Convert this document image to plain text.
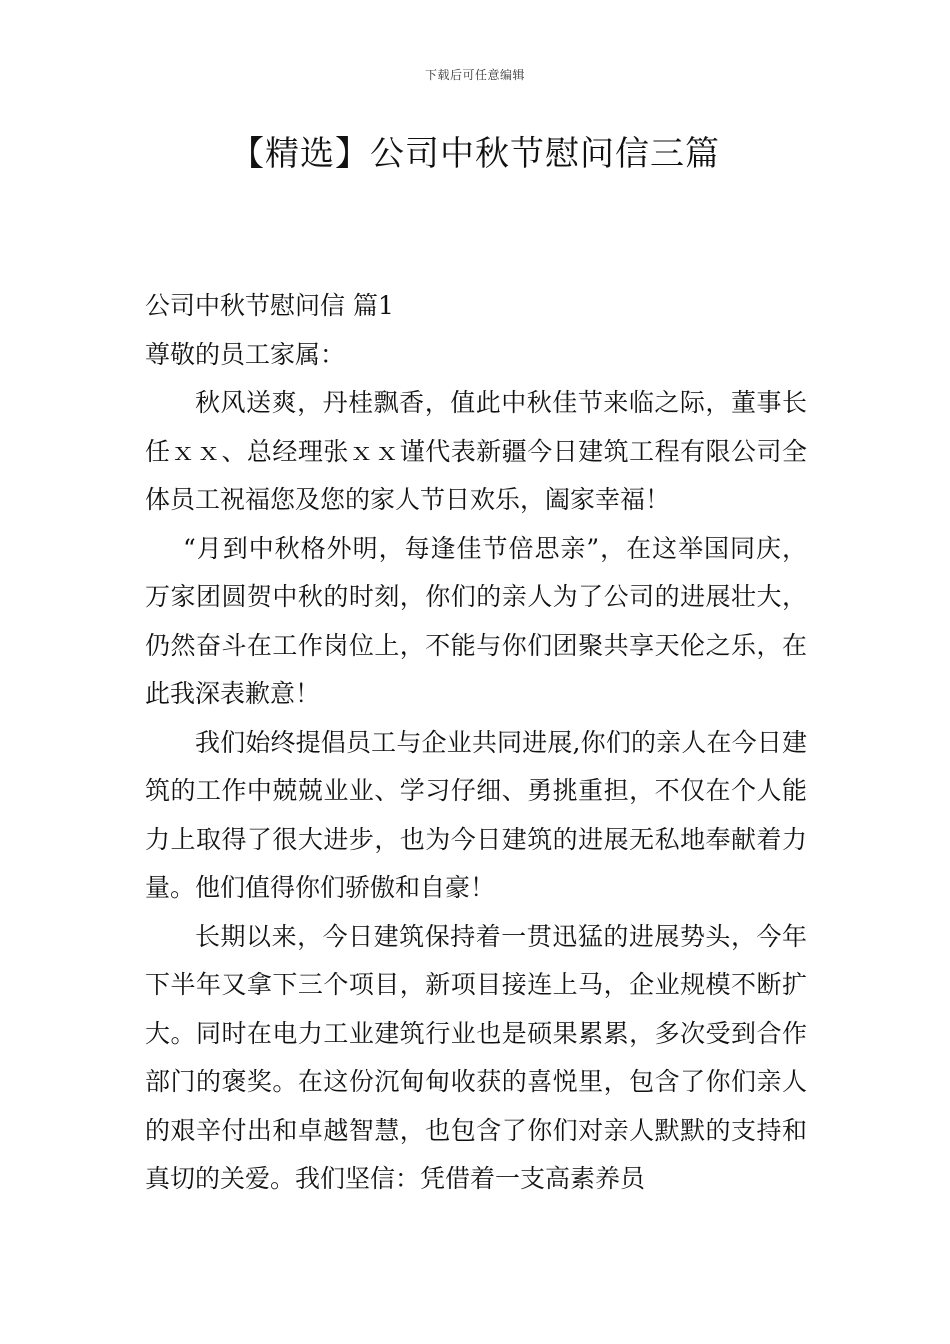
下载后可任意编辑
【精选】公司中秋节慰问信三篇

公司中秋节慰问信 篇1

尊敬的员工家属：

秋风送爽，丹桂飘香，值此中秋佳节来临之际，董事长任ｘｘ、总经理张ｘｘ谨代表新疆今日建筑工程有限公司全体员工祝福您及您的家人节日欢乐，阖家幸福！

“月到中秋格外明，每逢佳节倍思亲”，在这举国同庆，万家团圆贺中秋的时刻，你们的亲人为了公司的进展壮大，仍然奋斗在工作岗位上，不能与你们团聚共享天伦之乐，在此我深表歉意！

我们始终提倡员工与企业共同进展,你们的亲人在今日建筑的工作中兢兢业业、学习仔细、勇挑重担，不仅在个人能力上取得了很大进步，也为今日建筑的进展无私地奉献着力量。他们值得你们骄傲和自豪！

长期以来，今日建筑保持着一贯迅猛的进展势头，今年下半年又拿下三个项目，新项目接连上马，企业规模不断扩大。同时在电力工业建筑行业也是硕果累累，多次受到合作部门的褒奖。在这份沉甸甸收获的喜悦里，包含了你们亲人的艰辛付出和卓越智慧，也包含了你们对亲人默默的支持和真切的关爱。我们坚信：凭借着一支高素养员
